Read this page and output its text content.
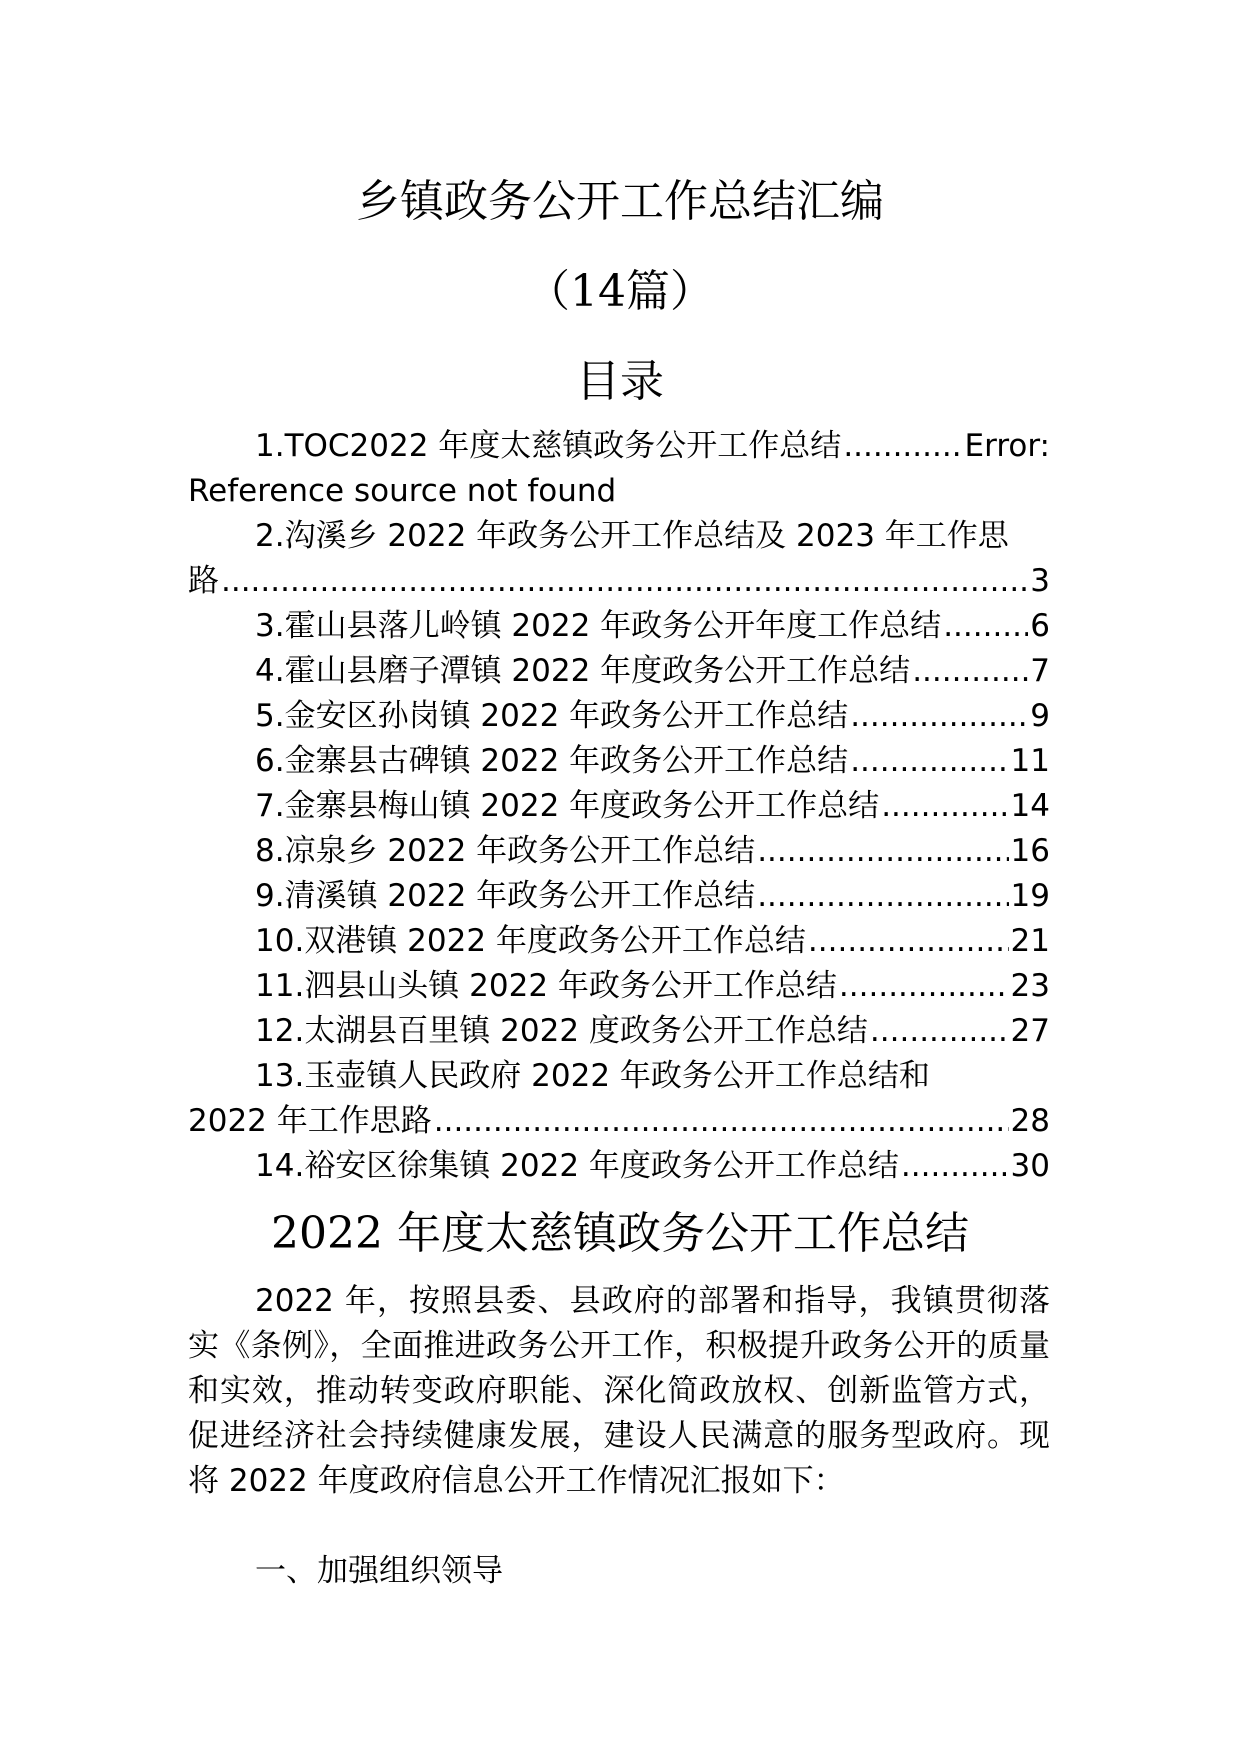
乡镇政务公开工作总结汇编
（14篇）
目录
1.TOC2022 年度太慈镇政务公开工作总结 .....	Error:
Reference source not found
2.沟溪乡 2022 年政务公开工作总结及 2023 年工作思
路 .....	3
3.霍山县落儿岭镇 2022 年政务公开年度工作总结 .....	6
4.霍山县磨子潭镇 2022 年度政务公开工作总结 .....	7
5.金安区孙岗镇 2022 年政务公开工作总结 .....	9
6.金寨县古碑镇 2022 年政务公开工作总结 .....	11
7.金寨县梅山镇 2022 年度政务公开工作总结 .....	14
8.凉泉乡 2022 年政务公开工作总结 .....	16
9.清溪镇 2022 年政务公开工作总结 .....	19
10.双港镇 2022 年度政务公开工作总结 .....	21
11.泗县山头镇 2022 年政务公开工作总结 .....	23
12.太湖县百里镇 2022 度政务公开工作总结 .....	27
13.玉壶镇人民政府 2022 年政务公开工作总结和
2022 年工作思路 .....	28
14.裕安区徐集镇 2022 年度政务公开工作总结 .....	30
2022 年度太慈镇政务公开工作总结

2022 年，按照县委、县政府的部署和指导，我镇贯彻落实《条例》，全面推进政务公开工作，积极提升政务公开的质量和实效，推动转变政府职能、深化简政放权、创新监管方式，促进经济社会持续健康发展，建设人民满意的服务型政府。现将 2022 年度政府信息公开工作情况汇报如下：

一、加强组织领导
